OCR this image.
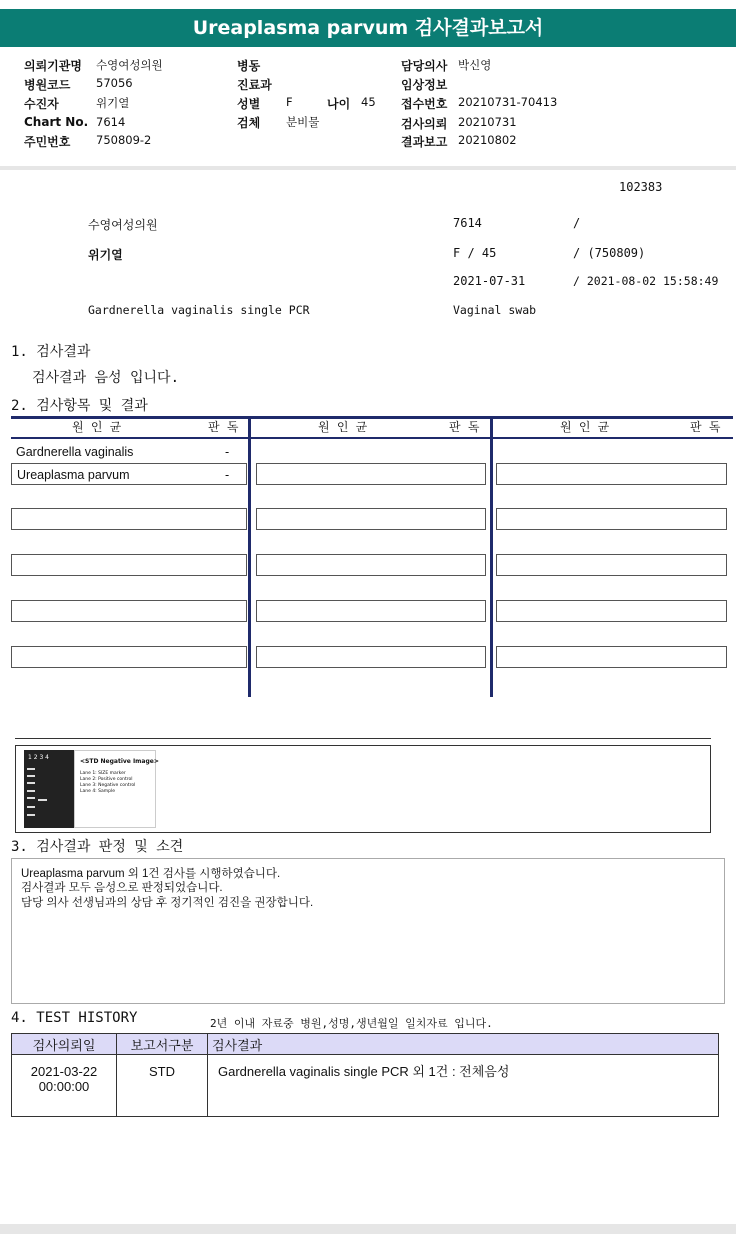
Ureaplasma parvum 검사결과보고서
의뢰기관명 수영여성의원
병원코드 57056
수진자	위기열
Chart No. 7614
주민번호 750809-2
병동
진료과
성별 F	나이 45
검체 분비물
담당의사 박신영
임상정보
접수번호 20210731-70413
검사의뢰 20210731
결과보고 20210802
102383
수영여성의원	7614	/
위기열	F / 45	/ (750809)
2021-07-31	/ 2021-08-02 15:58:49
Gardnerella vaginalis single PCR	Vaginal swab
1. 검사결과
검사결과 음성 입니다.
2. 검사항목 및 결과
원 인 균	판 독	원 인 균	판 독	원 인 균	판 독
Gardnerella vaginalis	-
Ureaplasma parvum	-
1 2 3 4
<STD Negative Image>
Lane 1: SIZE marker
Lane 2: Positive control
Lane 3: Negative control
Lane 4: Sample
3. 검사결과 판정 및 소견
Ureaplasma parvum 외 1건 검사를 시행하였습니다.
검사결과 모두 음성으로 판정되었습니다.
담당 의사 선생님과의 상담 후 정기적인 검진을 권장합니다.
4. TEST HISTORY	2년 이내 자료중 병원,성명,생년월일 일치자료 입니다.
검사의뢰일	보고서구분	검사결과

2021-03-22
00:00:00	STD	Gardnerella vaginalis single PCR 외 1건 : 전체음성
